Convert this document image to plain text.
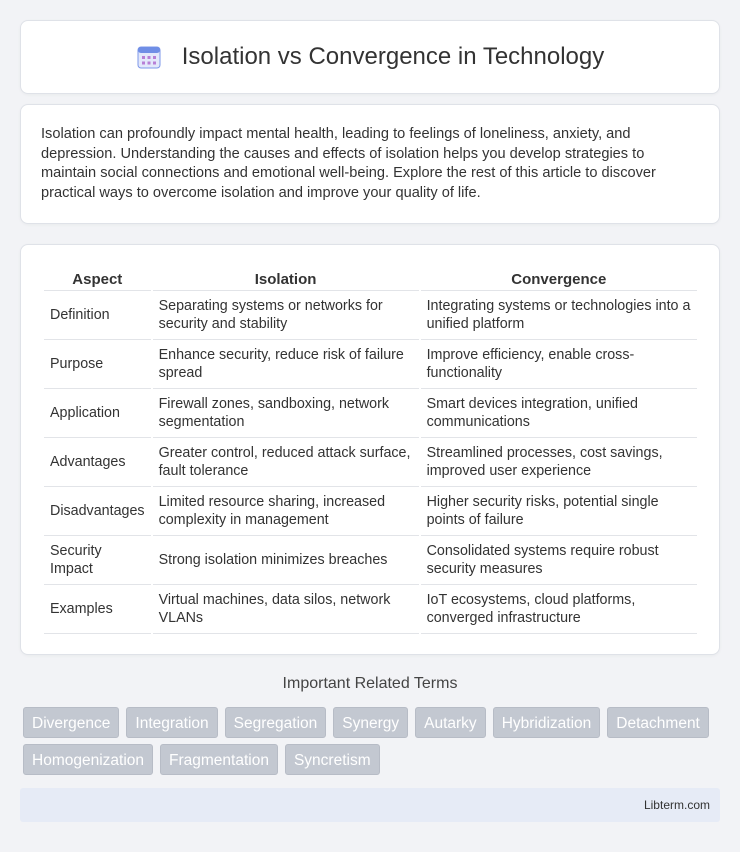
Isolation vs Convergence in Technology

Isolation can profoundly impact mental health, leading to feelings of loneliness, anxiety, and depression. Understanding the causes and effects of isolation helps you develop strategies to maintain social connections and emotional well-being. Explore the rest of this article to discover practical ways to overcome isolation and improve your quality of life.

Aspect	Isolation	Convergence
Definition	Separating systems or networks for security and stability	Integrating systems or technologies into a unified platform
Purpose	Enhance security, reduce risk of failure spread	Improve efficiency, enable cross-functionality
Application	Firewall zones, sandboxing, network segmentation	Smart devices integration, unified communications
Advantages	Greater control, reduced attack surface, fault tolerance	Streamlined processes, cost savings, improved user experience
Disadvantages	Limited resource sharing, increased complexity in management	Higher security risks, potential single points of failure
Security Impact	Strong isolation minimizes breaches	Consolidated systems require robust security measures
Examples	Virtual machines, data silos, network VLANs	IoT ecosystems, cloud platforms, converged infrastructure
Important Related Terms
Divergence	Integration	Segregation	Synergy	Autarky	Hybridization	Detachment
Homogenization	Fragmentation	Syncretism
Libterm.com
